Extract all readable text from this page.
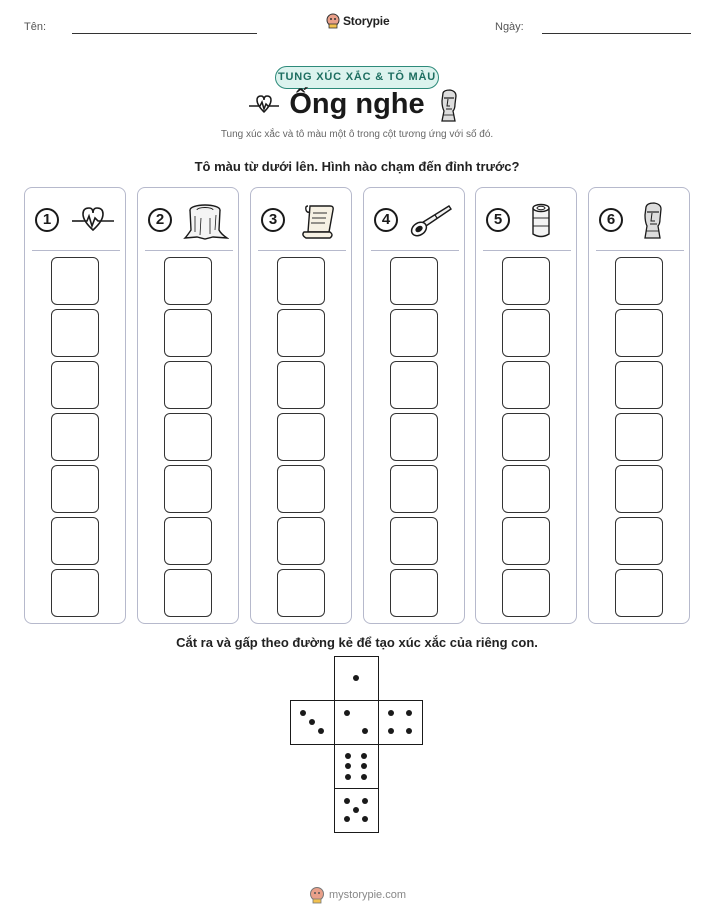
Tên:	Storypie	Ngày:
TUNG XÚC XẮC & TÔ MÀU
Ống nghe
Tung xúc xắc và tô màu một ô trong cột tương ứng với số đó.
Tô màu từ dưới lên. Hình nào chạm đến đỉnh trước?
1	2	3	4	5	6
Cắt ra và gấp theo đường kẻ để tạo xúc xắc của riêng con.
mystorypie.com
